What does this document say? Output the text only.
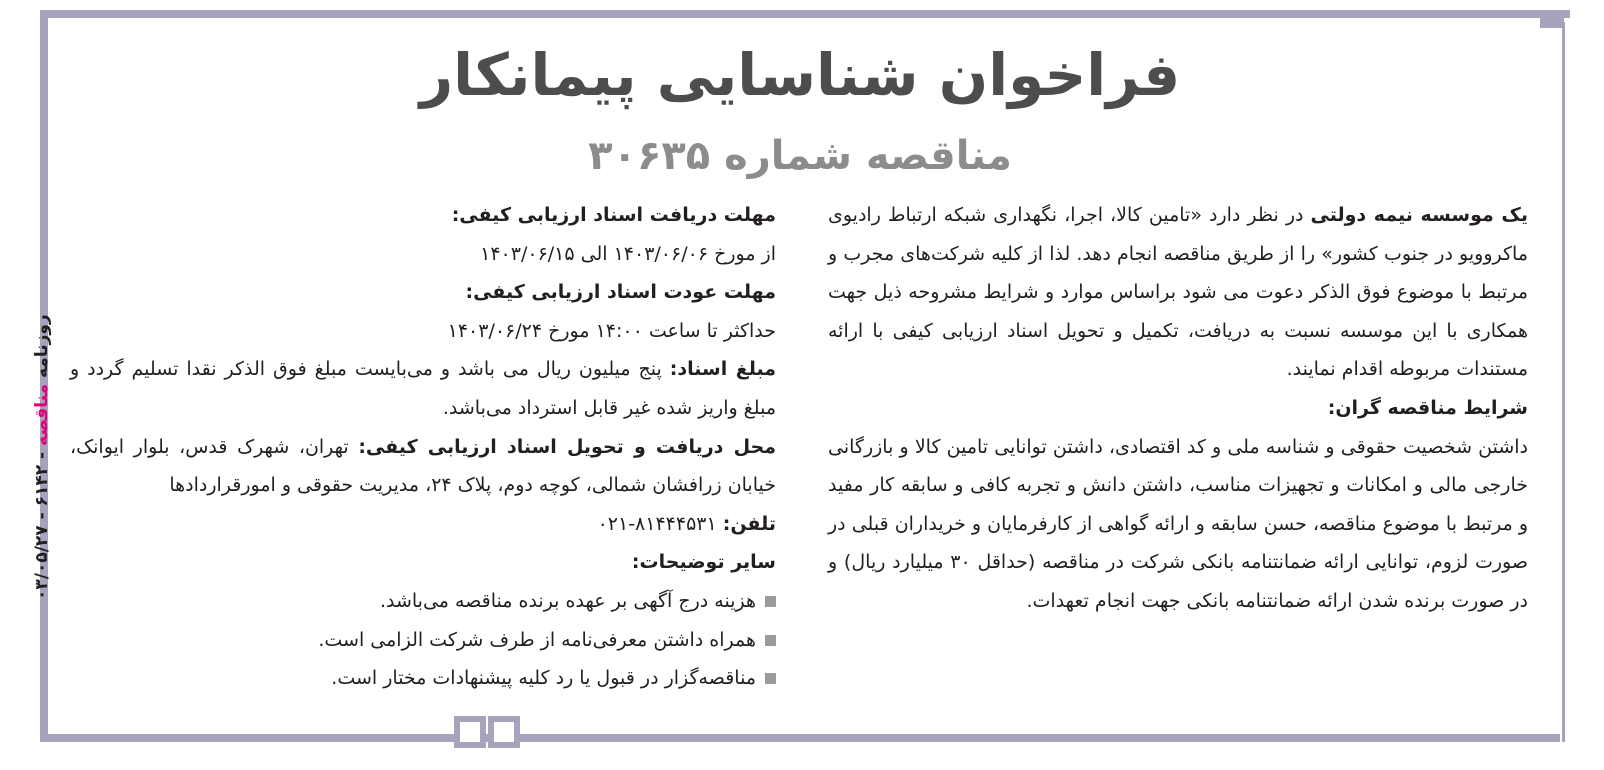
فراخوان شناسایی پیمانکار
مناقصه شماره ۳۰۶۳۵

یک موسسه نیمه دولتی در نظر دارد «تامین کالا، اجرا، نگهداری شبکه ارتباط رادیوی ماکروویو در جنوب کشور» را از طریق مناقصه انجام دهد. لذا از کلیه شرکت‌های مجرب و مرتبط با موضوع فوق الذکر دعوت می شود براساس موارد و شرایط مشروحه ذیل جهت همکاری با این موسسه نسبت به دریافت، تکمیل و تحویل اسناد ارزیابی کیفی با ارائه مستندات مربوطه اقدام نمایند.

شرایط مناقصه گران:

داشتن شخصیت حقوقی و شناسه ملی و کد اقتصادی، داشتن توانایی تامین کالا و بازرگانی خارجی مالی و امکانات و تجهیزات مناسب، داشتن دانش و تجربه کافی و سابقه کار مفید و مرتبط با موضوع مناقصه، حسن سابقه و ارائه گواهی از کارفرمایان و خریداران قبلی در صورت لزوم، توانایی ارائه ضمانتنامه بانکی شرکت در مناقصه (حداقل ۳۰ میلیارد ریال) و در صورت برنده شدن ارائه ضمانتنامه بانکی جهت انجام تعهدات.

مهلت دریافت اسناد ارزیابی کیفی:

از مورخ ۱۴۰۳/۰۶/۰۶ الی ۱۴۰۳/۰۶/۱۵

مهلت عودت اسناد ارزیابی کیفی:

حداکثر تا ساعت ۱۴:۰۰ مورخ ۱۴۰۳/۰۶/۲۴

مبلغ اسناد: پنج میلیون ریال می باشد و می‌بایست مبلغ فوق الذکر نقدا تسلیم گردد و مبلغ واریز شده غیر قابل استرداد می‌باشد.

محل دریافت و تحویل اسناد ارزیابی کیفی: تهران، شهرک قدس، بلوار ایوانک، خیابان زرافشان شمالی، کوچه دوم، پلاک ۲۴، مدیریت حقوقی و امورقراردادها

تلفن: ۸۱۴۴۴۵۳۱-۰۲۱

سایر توضیحات:

هزینه درج آگهی بر عهده برنده مناقصه می‌باشد.
همراه داشتن معرفی‌نامه از طرف شرکت الزامی است.
مناقصه‌گزار در قبول یا رد کلیه پیشنهادات مختار است.
روزنامه مناقصه - ۶۱۴۲ - ۰۳/۰۵/۲۷
